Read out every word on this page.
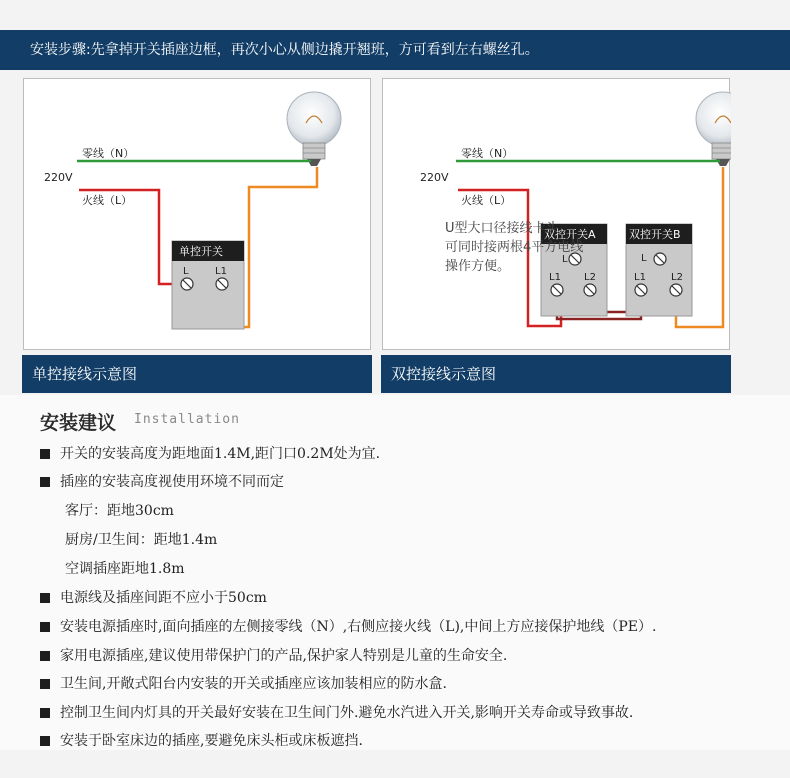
安装步骤:先拿掉开关插座边框，再次小心从侧边撬开翘班，方可看到左右螺丝孔。
零线（N）
220V
火线（L）
单控开关
L	L1
单控接线示意图
零线（N）
220V
火线（L）
双控开关A	双控开关B
L
L1 L2
L
L1	L2
U型大口径接线卡头
可同时接两根4平方电线
操作方便。
双控接线示意图
安装建议 Installation
开关的安装高度为距地面1.4M,距门口0.2M处为宜.
插座的安装高度视使用环境不同而定
客厅：距地30cm
厨房/卫生间：距地1.4m
空调插座距地1.8m
电源线及插座间距不应小于50cm
安装电源插座时,面向插座的左侧接零线（N）,右侧应接火线（L),中间上方应接保护地线（PE）.
家用电源插座,建议使用带保护门的产品,保护家人特别是儿童的生命安全.
卫生间,开敞式阳台内安装的开关或插座应该加装相应的防水盒.
控制卫生间内灯具的开关最好安装在卫生间门外.避免水汽进入开关,影响开关寿命或导致事故.
安装于卧室床边的插座,要避免床头柜或床板遮挡.
